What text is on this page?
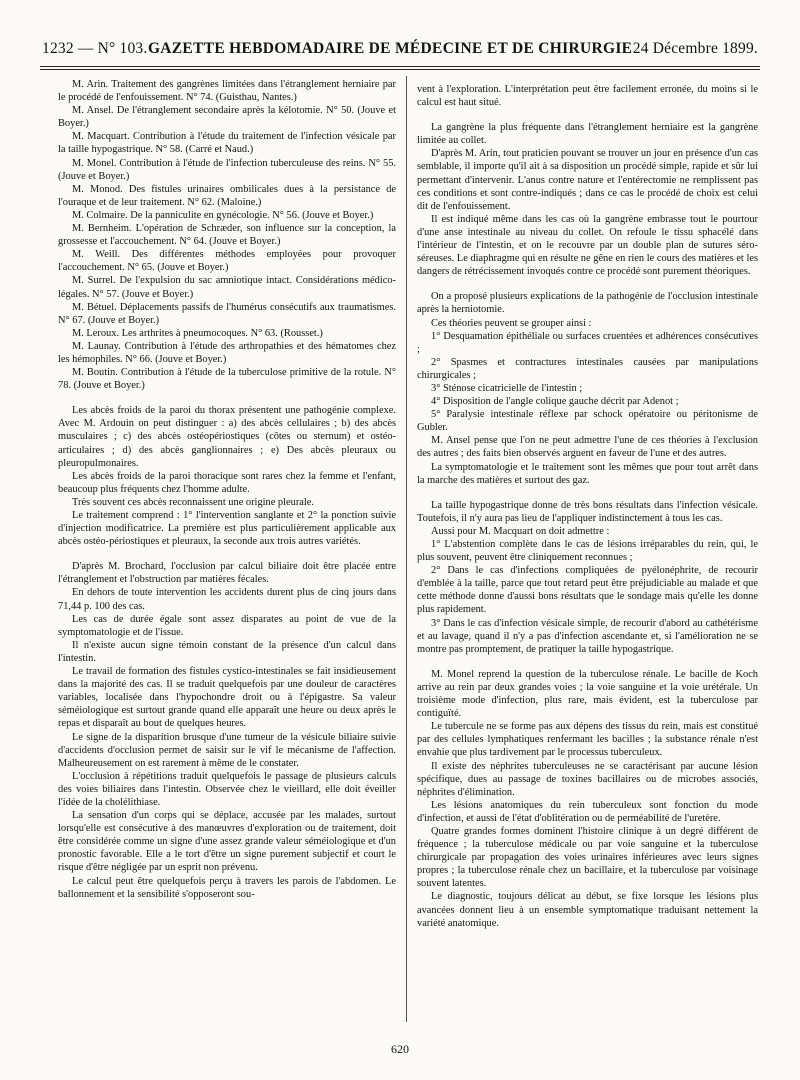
1232 — N° 103. GAZETTE HEBDOMADAIRE DE MÉDECINE ET DE CHIRURGIE 24 Décembre 1899.

M. Arin. Traitement des gangrènes limitées dans l'étranglement herniaire par le procédé de l'enfouissement. N° 74. (Guisthau, Nantes.)

M. Ansel. De l'étranglement secondaire après la kélotomie. N° 50. (Jouve et Boyer.)

M. Macquart. Contribution à l'étude du traitement de l'infection vésicale par la taille hypogastrique. N° 58. (Carré et Naud.)

M. Monel. Contribution à l'étude de l'infection tuberculeuse des reins. N° 55. (Jouve et Boyer.)

M. Monod. Des fistules urinaires ombilicales dues à la persistance de l'ouraque et de leur traitement. N° 62. (Maloine.)

M. Colmaire. De la panniculite en gynécologie. N° 56. (Jouve et Boyer.)

M. Bernheim. L'opération de Schræder, son influence sur la conception, la grossesse et l'accouchement. N° 64. (Jouve et Boyer.)

M. Weill. Des différentes méthodes employées pour provoquer l'accouchement. N° 65. (Jouve et Boyer.)

M. Surrel. De l'expulsion du sac amniotique intact. Considérations médico-légales. N° 57. (Jouve et Boyer.)

M. Bétuel. Déplacements passifs de l'humérus consécutifs aux traumatismes. N° 67. (Jouve et Boyer.)

M. Leroux. Les arthrites à pneumocoques. N° 63. (Rousset.)

M. Launay. Contribution à l'étude des arthropathies et des hématomes chez les hémophiles. N° 66. (Jouve et Boyer.)

M. Boutin. Contribution à l'étude de la tuberculose primitive de la rotule. N° 78. (Jouve et Boyer.)

Les abcès froids de la paroi du thorax présentent une pathogénie complexe. Avec M. Ardouin on peut distinguer : a) des abcès cellulaires ; b) des abcès musculaires ; c) des abcès ostéopériostiques (côtes ou sternum) et ostéo-articulaires ; d) des abcès ganglionnaires ; e) Des abcès pleuraux ou pleuropulmonaires.

Les abcès froids de la paroi thoracique sont rares chez la femme et l'enfant, beaucoup plus fréquents chez l'homme adulte.

Très souvent ces abcès reconnaissent une origine pleurale.

Le traitement comprend : 1° l'intervention sanglante et 2° la ponction suivie d'injection modificatrice. La première est plus particulièrement applicable aux abcès ostéo-périostiques et pleuraux, la seconde aux trois autres variétés.

D'après M. Brochard, l'occlusion par calcul biliaire doit être placée entre l'étranglement et l'obstruction par matières fécales.

En dehors de toute intervention les accidents durent plus de cinq jours dans 71,44 p. 100 des cas.

Les cas de durée égale sont assez disparates au point de vue de la symptomatologie et de l'issue.

Il n'existe aucun signe témoin constant de la présence d'un calcul dans l'intestin.

Le travail de formation des fistules cystico-intestinales se fait insidieusement dans la majorité des cas. Il se traduit quelquefois par une douleur de caractères variables, localisée dans l'hypochondre droit ou à l'épigastre. Sa valeur séméiologique est surtout grande quand elle apparaît une heure ou deux après le repas et disparaît au bout de quelques heures.

Le signe de la disparition brusque d'une tumeur de la vésicule biliaire suivie d'accidents d'occlusion permet de saisir sur le vif le mécanisme de l'affection. Malheureusement on est rarement à même de le constater.

L'occlusion à répétitions traduit quelquefois le passage de plusieurs calculs des voies biliaires dans l'intestin. Observée chez le vieillard, elle doit éveiller l'idée de la cholélithiase.

La sensation d'un corps qui se déplace, accusée par les malades, surtout lorsqu'elle est consécutive à des manœuvres d'exploration ou de traitement, doit être considérée comme un signe d'une assez grande valeur séméiologique et d'un pronostic favorable. Elle a le tort d'être un signe purement subjectif et court le risque d'être négligée par un esprit non prévenu.

Le calcul peut être quelquefois perçu à travers les parois de l'abdomen. Le ballonnement et la sensibilité s'opposeront sou-

vent à l'exploration. L'interprétation peut être facilement erronée, du moins si le calcul est haut situé.

La gangrène la plus fréquente dans l'étranglement herniaire est la gangrène limitée au collet.

D'après M. Arin, tout praticien pouvant se trouver un jour en présence d'un cas semblable, il importe qu'il ait à sa disposition un procédé simple, rapide et sûr lui permettant d'intervenir. L'anus contre nature et l'entérectomie ne remplissent pas ces conditions et sont contre-indiqués ; dans ce cas le procédé de choix est celui dit de l'enfouissement.

Il est indiqué même dans les cas où la gangrène embrasse tout le pourtour d'une anse intestinale au niveau du collet. On refoule le tissu sphacélé dans l'intérieur de l'intestin, et on le recouvre par un double plan de sutures séro-séreuses. Le diaphragme qui en résulte ne gêne en rien le cours des matières et les dangers de rétrécissement invoqués contre ce procédé sont purement théoriques.

On a proposé plusieurs explications de la pathogénie de l'occlusion intestinale après la herniotomie.

Ces théories peuvent se grouper ainsi :

1° Desquamation épithéliale ou surfaces cruentées et adhérences consécutives ;

2° Spasmes et contractures intestinales causées par manipulations chirurgicales ;

3° Sténose cicatricielle de l'intestin ;

4° Disposition de l'angle colique gauche décrit par Adenot ;

5° Paralysie intestinale réflexe par schock opératoire ou péritonisme de Gubler.

M. Ansel pense que l'on ne peut admettre l'une de ces théories à l'exclusion des autres ; des faits bien observés arguent en faveur de l'une et des autres.

La symptomatologie et le traitement sont les mêmes que pour tout arrêt dans la marche des matières et surtout des gaz.

La taille hypogastrique donne de très bons résultats dans l'infection vésicale. Toutefois, il n'y aura pas lieu de l'appliquer indistinctement à tous les cas.

Aussi pour M. Macquart on doit admettre :

1° L'abstention complète dans le cas de lésions irréparables du rein, qui, le plus souvent, peuvent être cliniquement reconnues ;

2° Dans le cas d'infections compliquées de pyélonéphrite, de recourir d'emblée à la taille, parce que tout retard peut être préjudiciable au malade et que cette méthode donne d'aussi bons résultats que le sondage mais qu'elle les donne plus rapidement.

3° Dans le cas d'infection vésicale simple, de recourir d'abord au cathétérisme et au lavage, quand il n'y a pas d'infection ascendante et, si l'amélioration ne se montre pas promptement, de pratiquer la taille hypogastrique.

M. Monel reprend la question de la tuberculose rénale. Le bacille de Koch arrive au rein par deux grandes voies ; la voie sanguine et la voie urétérale. Un troisième mode d'infection, plus rare, mais évident, est la tuberculose par contiguïté.

Le tubercule ne se forme pas aux dépens des tissus du rein, mais est constitué par des cellules lymphatiques renfermant les bacilles ; la substance rénale n'est envahie que plus tardivement par le processus tuberculeux.

Il existe des néphrites tuberculeuses ne se caractérisant par aucune lésion spécifique, dues au passage de toxines bacillaires ou de microbes associés, néphrites d'élimination.

Les lésions anatomiques du rein tuberculeux sont fonction du mode d'infection, et aussi de l'état d'oblitération ou de perméabilité de l'uretère.

Quatre grandes formes dominent l'histoire clinique à un degré différent de fréquence ; la tuberculose médicale ou par voie sanguine et la tuberculose chirurgicale par propagation des voies urinaires inférieures avec leurs signes propres ; la tuberculose rénale chez un bacillaire, et la tuberculose par voisinage souvent latentes.

Le diagnostic, toujours délicat au début, se fixe lorsque les lésions plus avancées donnent lieu à un ensemble symptomatique traduisant nettement la variété anatomique.

620
